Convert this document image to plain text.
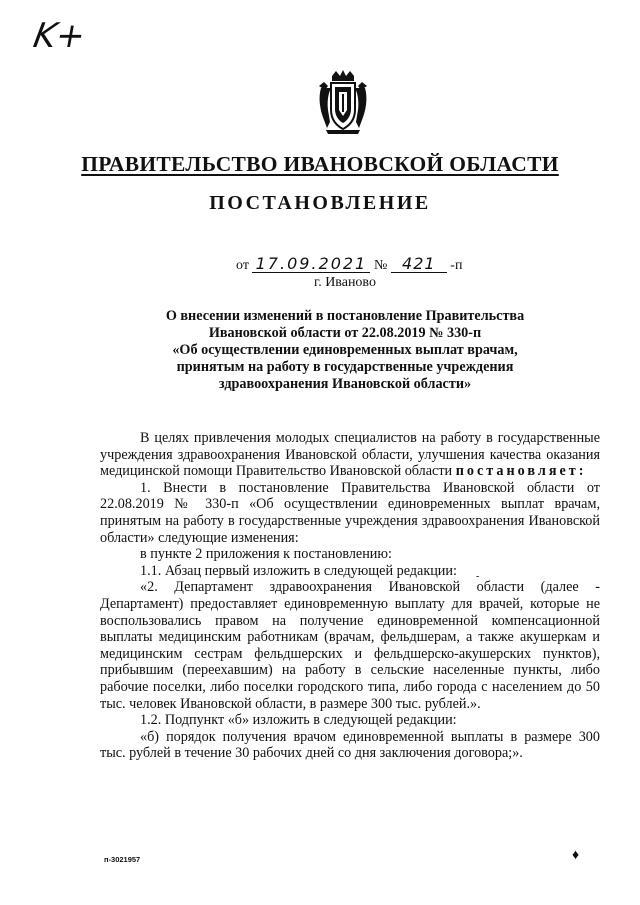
K+
ПРАВИТЕЛЬСТВО ИВАНОВСКОЙ ОБЛАСТИ
ПОСТАНОВЛЕНИЕ
от 17.09.2021 № 421 -п
г. Иваново
О внесении изменений в постановление Правительства
Ивановской области от 22.08.2019 № 330-п
«Об осуществлении единовременных выплат врачам,
принятым на работу в государственные учреждения
здравоохранения Ивановской области»

В целях привлечения молодых специалистов на работу в государственные учреждения здравоохранения Ивановской области, улучшения качества оказания медицинской помощи Правительство Ивановской области постановляет:

1. Внести в постановление Правительства Ивановской области от 22.08.2019 № 330-п «Об осуществлении единовременных выплат врачам, принятым на работу в государственные учреждения здравоохранения Ивановской области» следующие изменения:

в пункте 2 приложения к постановлению:

1.1. Абзац первый изложить в следующей редакции:

«2. Департамент здравоохранения Ивановской области (далее - Департамент) предоставляет единовременную выплату для врачей, которые не воспользовались правом на получение единовременной компенсационной выплаты медицинским работникам (врачам, фельдшерам, а также акушеркам и медицинским сестрам фельдшерских и фельдшерско-акушерских пунктов), прибывшим (переехавшим) на работу в сельские населенные пункты, либо рабочие поселки, либо поселки городского типа, либо города с населением до 50 тыс. человек Ивановской области, в размере 300 тыс. рублей.».

1.2. Подпункт «б» изложить в следующей редакции:

«б) порядок получения врачом единовременной выплаты в размере 300 тыс. рублей в течение 30 рабочих дней со дня заключения договора;».

-
п-3021957	♦
